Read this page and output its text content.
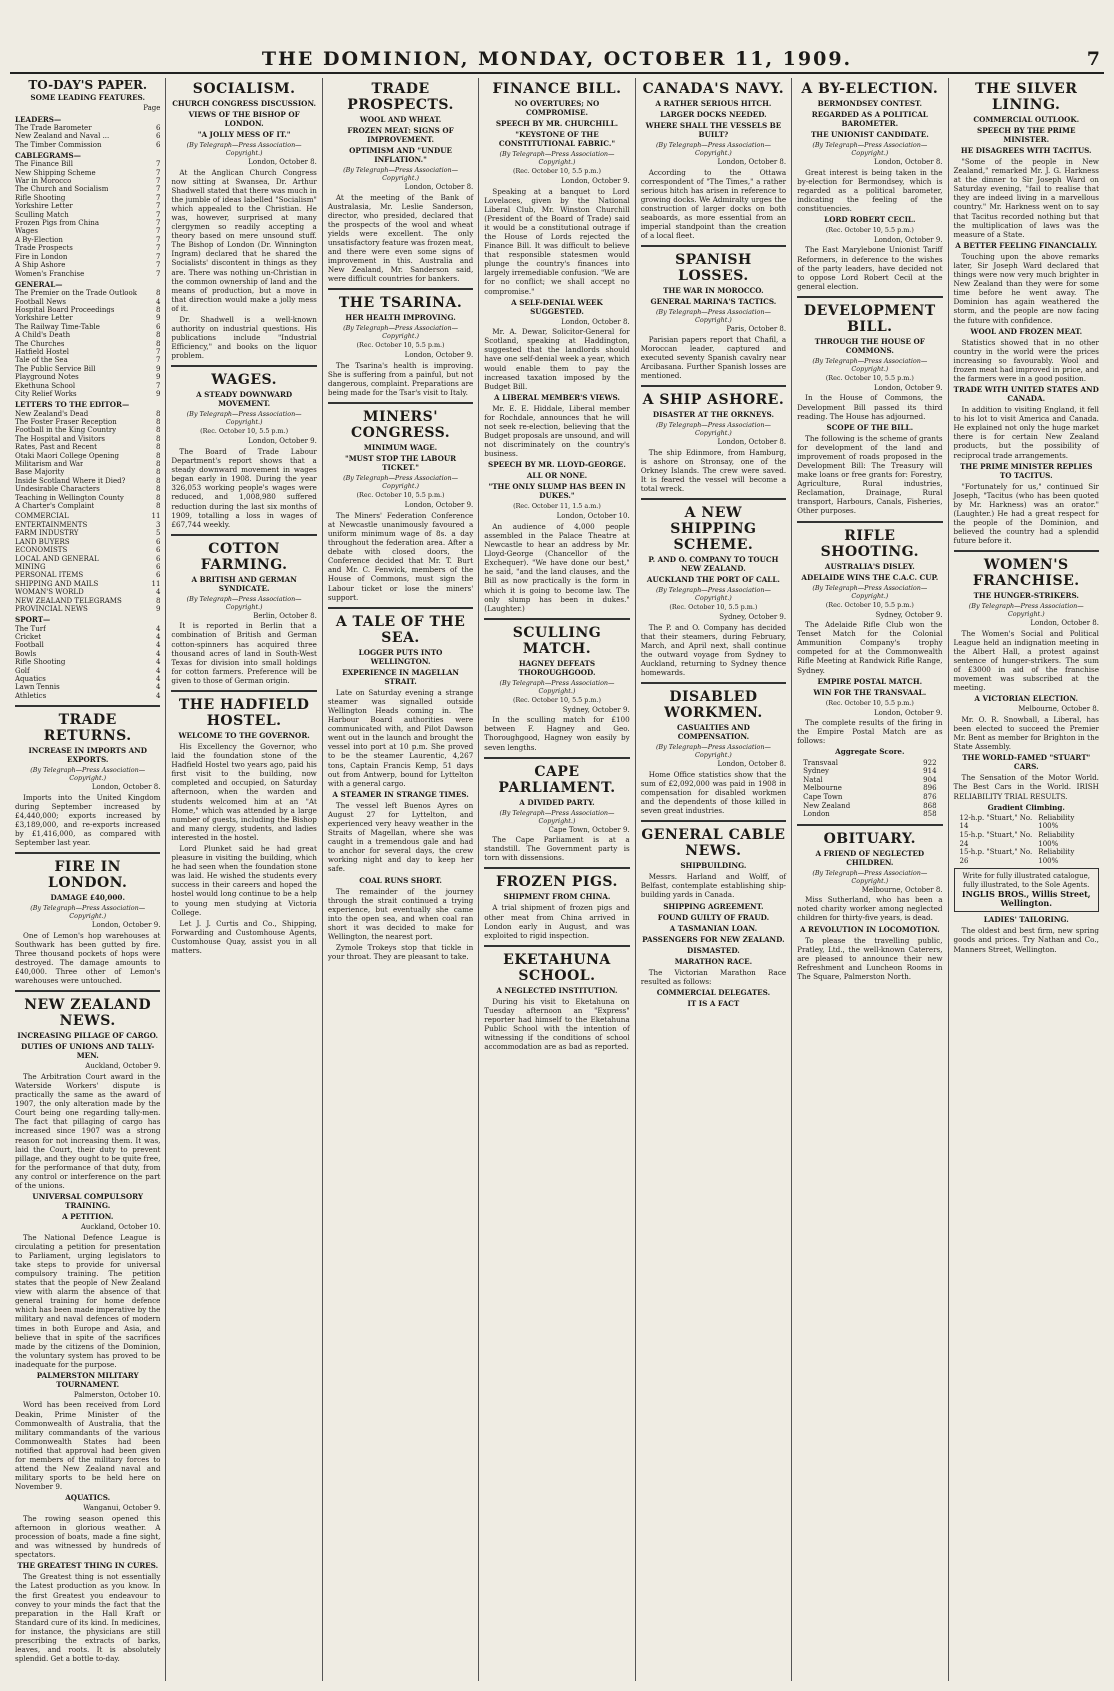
THE DOMINION, MONDAY, OCTOBER 11, 1909.	7
TO-DAY'S PAPER.
SOME LEADING FEATURES.
Page
LEADERS—
The Trade Barometer	6
New Zealand and Naval ...	6
The Timber Commission	6
CABLEGRAMS—
The Finance Bill	7
New Shipping Scheme	7
War in Morocco	7
The Church and Socialism	7
Rifle Shooting	7
Yorkshire Letter	7
Sculling Match	7
Frozen Pigs from China	7
Wages	7
A By-Election	7
Trade Prospects	7
Fire in London	7
A Ship Ashore	7
Women's Franchise	7
GENERAL—
The Premier on the Trade Outlook	8
Football News	4
Hospital Board Proceedings	8
Yorkshire Letter	9
The Railway Time-Table	6
A Child's Death	8
The Churches	8
Hatfield Hostel	7
Tale of the Sea	7
The Public Service Bill	9
Playground Notes	9
Ekethuna School	7
City Relief Works	9
LETTERS TO THE EDITOR—
New Zealand's Dead	8
The Foster Fraser Reception	8
Football in the King Country	8
The Hospital and Visitors	8
Rates, Past and Recent	8
Otaki Maori College Opening	8
Militarism and War	8
Base Majority	8
Inside Scotland Where it Died?	8
Undesirable Characters	8
Teaching in Wellington County	8
A Charter's Complaint	8
COMMERCIAL	11
ENTERTAINMENTS	3
FARM INDUSTRY	5
LAND BUYERS	6
ECONOMISTS	6
LOCAL AND GENERAL	6
MINING	6
PERSONAL ITEMS	6
SHIPPING AND MAILS	11
WOMAN'S WORLD	4
NEW ZEALAND TELEGRAMS	8
PROVINCIAL NEWS	9
SPORT—
The Turf	4
Cricket	4
Football	4
Bowls	4
Rifle Shooting	4
Golf	4
Aquatics	4
Lawn Tennis	4
Athletics	4
TRADE RETURNS.
INCREASE IN IMPORTS AND EXPORTS.
(By Telegraph—Press Association—Copyright.)
London, October 8.
Imports into the United Kingdom during September increased by £4,440,000; exports increased by £3,189,000, and re-exports increased by £1,416,000, as compared with September last year.
FIRE IN LONDON.
DAMAGE £40,000.
(By Telegraph—Press Association—Copyright.)
London, October 9.
One of Lemon's hop warehouses at Southwark has been gutted by fire. Three thousand pockets of hops were destroyed. The damage amounts to £40,000. Three other of Lemon's warehouses were untouched.
NEW ZEALAND NEWS.
INCREASING PILLAGE OF CARGO.
DUTIES OF UNIONS AND TALLY-MEN.
Auckland, October 9.
The Arbitration Court award in the Waterside Workers' dispute is practically the same as the award of 1907, the only alteration made by the Court being one regarding tally-men. The fact that pillaging of cargo has increased since 1907 was a strong reason for not increasing them. It was, laid the Court, their duty to prevent pillage, and they ought to be quite free, for the performance of that duty, from any control or interference on the part of the unions.
UNIVERSAL COMPULSORY TRAINING.
A PETITION.
Auckland, October 10.
The National Defence League is circulating a petition for presentation to Parliament, urging legislators to take steps to provide for universal compulsory training. The petition states that the people of New Zealand view with alarm the absence of that general training for home defence which has been made imperative by the military and naval defences of modern times in both Europe and Asia, and believe that in spite of the sacrifices made by the citizens of the Dominion, the voluntary system has proved to be inadequate for the purpose.
PALMERSTON MILITARY TOURNAMENT.
Palmerston, October 10.
Word has been received from Lord Deakin, Prime Minister of the Commonwealth of Australia, that the military commandants of the various Commonwealth States had been notified that approval had been given for members of the military forces to attend the New Zealand naval and military sports to be held here on November 9.
AQUATICS.
Wanganui, October 9.
The rowing season opened this afternoon in glorious weather. A procession of boats, made a fine sight, and was witnessed by hundreds of spectators.
THE GREATEST THING IN CURES.
The Greatest thing is not essentially the Latest production as you know. In the first Greatest you endeavour to convey to your minds the fact that the preparation in the Hall Kraft or Standard cure of its kind. In medicines, for instance, the physicians are still prescribing the extracts of barks, leaves, and roots. It is absolutely splendid. Get a bottle to-day.
SOCIALISM.
CHURCH CONGRESS DISCUSSION.
VIEWS OF THE BISHOP OF LONDON.
"A JOLLY MESS OF IT."
(By Telegraph—Press Association—Copyright.)
London, October 8.
At the Anglican Church Congress now sitting at Swansea, Dr. Arthur Shadwell stated that there was much in the jumble of ideas labelled "Socialism" which appealed to the Christian. He was, however, surprised at many clergymen so readily accepting a theory based on mere unsound stuff. The Bishop of London (Dr. Winnington Ingram) declared that he shared the Socialists' discontent in things as they are. There was nothing un-Christian in the common ownership of land and the means of production, but a move in that direction would make a jolly mess of it.
Dr. Shadwell is a well-known authority on industrial questions. His publications include "Industrial Efficiency," and books on the liquor problem.
WAGES.
A STEADY DOWNWARD MOVEMENT.
(By Telegraph—Press Association—Copyright.)
(Rec. October 10, 5.5 p.m.)
London, October 9.
The Board of Trade Labour Department's report shows that a steady downward movement in wages began early in 1908. During the year 326,053 working people's wages were reduced, and 1,008,980 suffered reduction during the last six months of 1909, totalling a loss in wages of £67,744 weekly.
COTTON FARMING.
A BRITISH AND GERMAN SYNDICATE.
(By Telegraph—Press Association—Copyright.)
Berlin, October 8.
It is reported in Berlin that a combination of British and German cotton-spinners has acquired three thousand acres of land in South-West Texas for division into small holdings for cotton farmers. Preference will be given to those of German origin.
THE HADFIELD HOSTEL.
WELCOME TO THE GOVERNOR.
His Excellency the Governor, who laid the foundation stone of the Hadfield Hostel two years ago, paid his first visit to the building, now completed and occupied, on Saturday afternoon, when the warden and students welcomed him at an "At Home," which was attended by a large number of guests, including the Bishop and many clergy, students, and ladies interested in the hostel.
Lord Plunket said he had great pleasure in visiting the building, which he had seen when the foundation stone was laid. He wished the students every success in their careers and hoped the hostel would long continue to be a help to young men studying at Victoria College.
Let J. J. Curtis and Co., Shipping, Forwarding and Customhouse Agents, Customhouse Quay, assist you in all matters.
TRADE PROSPECTS.
WOOL AND WHEAT.
FROZEN MEAT: SIGNS OF IMPROVEMENT.
OPTIMISM AND "UNDUE INFLATION."
(By Telegraph—Press Association—Copyright.)
London, October 8.
At the meeting of the Bank of Australasia, Mr. Leslie Sanderson, director, who presided, declared that the prospects of the wool and wheat yields were excellent. The only unsatisfactory feature was frozen meat, and there were even some signs of improvement in this. Australia and New Zealand, Mr. Sanderson said, were difficult countries for bankers.
THE TSARINA.
HER HEALTH IMPROVING.
(By Telegraph—Press Association—Copyright.)
(Rec. October 10, 5.5 p.m.)
London, October 9.
The Tsarina's health is improving. She is suffering from a painful, but not dangerous, complaint. Preparations are being made for the Tsar's visit to Italy.
MINERS' CONGRESS.
MINIMUM WAGE.
"MUST STOP THE LABOUR TICKET."
(By Telegraph—Press Association—Copyright.)
(Rec. October 10, 5.5 p.m.)
London, October 9.
The Miners' Federation Conference at Newcastle unanimously favoured a uniform minimum wage of 8s. a day throughout the federation area. After a debate with closed doors, the Conference decided that Mr. T. Burt and Mr. C. Fenwick, members of the House of Commons, must sign the Labour ticket or lose the miners' support.
A TALE OF THE SEA.
LOGGER PUTS INTO WELLINGTON.
EXPERIENCE IN MAGELLAN STRAIT.
Late on Saturday evening a strange steamer was signalled outside Wellington Heads coming in. The Harbour Board authorities were communicated with, and Pilot Dawson went out in the launch and brought the vessel into port at 10 p.m. She proved to be the steamer Laurentic, 4,267 tons, Captain Francis Kemp, 51 days out from Antwerp, bound for Lyttelton with a general cargo.
A STEAMER IN STRANGE TIMES.
The vessel left Buenos Ayres on August 27 for Lyttelton, and experienced very heavy weather in the Straits of Magellan, where she was caught in a tremendous gale and had to anchor for several days, the crew working night and day to keep her safe.
COAL RUNS SHORT.
The remainder of the journey through the strait continued a trying experience, but eventually she came into the open sea, and when coal ran short it was decided to make for Wellington, the nearest port.
Zymole Trokeys stop that tickle in your throat. They are pleasant to take.
FINANCE BILL.
NO OVERTURES; NO COMPROMISE.
SPEECH BY MR. CHURCHILL.
"KEYSTONE OF THE CONSTITUTIONAL FABRIC."
(By Telegraph—Press Association—Copyright.)
(Rec. October 10, 5.5 p.m.)
London, October 9.
Speaking at a banquet to Lord Lovelaces, given by the National Liberal Club, Mr. Winston Churchill (President of the Board of Trade) said it would be a constitutional outrage if the House of Lords rejected the Finance Bill. It was difficult to believe that responsible statesmen would plunge the country's finances into largely irremediable confusion. "We are for no conflict; we shall accept no compromise."
A SELF-DENIAL WEEK SUGGESTED.
London, October 8.
Mr. A. Dewar, Solicitor-General for Scotland, speaking at Haddington, suggested that the landlords should have one self-denial week a year, which would enable them to pay the increased taxation imposed by the Budget Bill.
A LIBERAL MEMBER'S VIEWS.
Mr. E. E. Hiddale, Liberal member for Rochdale, announces that he will not seek re-election, believing that the Budget proposals are unsound, and will not discriminately on the country's business.
SPEECH BY MR. LLOYD-GEORGE.
ALL OR NONE.
"THE ONLY SLUMP HAS BEEN IN DUKES."
(Rec. October 11, 1.5 a.m.)
London, October 10.
An audience of 4,000 people assembled in the Palace Theatre at Newcastle to hear an address by Mr. Lloyd-George (Chancellor of the Exchequer). "We have done our best," he said, "and the land clauses, and the Bill as now practically is the form in which it is going to become law. The only slump has been in dukes." (Laughter.)
SCULLING MATCH.
HAGNEY DEFEATS THOROUGHGOOD.
(By Telegraph—Press Association—Copyright.)
(Rec. October 10, 5.5 p.m.)
Sydney, October 9.
In the sculling match for £100 between F. Hagney and Geo. Thoroughgood, Hagney won easily by seven lengths.
CAPE PARLIAMENT.
A DIVIDED PARTY.
(By Telegraph—Press Association—Copyright.)
Cape Town, October 9.
The Cape Parliament is at a standstill. The Government party is torn with dissensions.
FROZEN PIGS.
SHIPMENT FROM CHINA.
A trial shipment of frozen pigs and other meat from China arrived in London early in August, and was exploited to rigid inspection.
EKETAHUNA SCHOOL.
A NEGLECTED INSTITUTION.
During his visit to Eketahuna on Tuesday afternoon an "Express" reporter had himself to the Eketahuna Public School with the intention of witnessing if the conditions of school accommodation are as bad as reported.
CANADA'S NAVY.
A RATHER SERIOUS HITCH.
LARGER DOCKS NEEDED.
WHERE SHALL THE VESSELS BE BUILT?
(By Telegraph—Press Association—Copyright.)
London, October 8.
According to the Ottawa correspondent of "The Times," a rather serious hitch has arisen in reference to growing docks. We Admiralty urges the construction of larger docks on both seaboards, as more essential from an imperial standpoint than the creation of a local fleet.
SPANISH LOSSES.
THE WAR IN MOROCCO.
GENERAL MARINA'S TACTICS.
(By Telegraph—Press Association—Copyright.)
Paris, October 8.
Parisian papers report that Chafil, a Moroccan leader, captured and executed seventy Spanish cavalry near Arcibasana. Further Spanish losses are mentioned.
A SHIP ASHORE.
DISASTER AT THE ORKNEYS.
(By Telegraph—Press Association—Copyright.)
London, October 8.
The ship Edinmore, from Hamburg, is ashore on Stronsay, one of the Orkney Islands. The crew were saved. It is feared the vessel will become a total wreck.
A NEW SHIPPING SCHEME.
P. AND O. COMPANY TO TOUCH NEW ZEALAND.
AUCKLAND THE PORT OF CALL.
(By Telegraph—Press Association—Copyright.)
(Rec. October 10, 5.5 p.m.)
Sydney, October 9.
The P. and O. Company has decided that their steamers, during February, March, and April next, shall continue the outward voyage from Sydney to Auckland, returning to Sydney thence homewards.
DISABLED WORKMEN.
CASUALTIES AND COMPENSATION.
(By Telegraph—Press Association—Copyright.)
London, October 8.
Home Office statistics show that the sum of £2,092,000 was paid in 1908 in compensation for disabled workmen and the dependents of those killed in seven great industries.
GENERAL CABLE NEWS.
SHIPBUILDING.
Messrs. Harland and Wolff, of Belfast, contemplate establishing ship-building yards in Canada.
SHIPPING AGREEMENT.
FOUND GUILTY OF FRAUD.
A TASMANIAN LOAN.
PASSENGERS FOR NEW ZEALAND.
DISMASTED.
MARATHON RACE.
The Victorian Marathon Race resulted as follows:
COMMERCIAL DELEGATES.
IT IS A FACT
A BY-ELECTION.
BERMONDSEY CONTEST.
REGARDED AS A POLITICAL BAROMETER.
THE UNIONIST CANDIDATE.
(By Telegraph—Press Association—Copyright.)
London, October 8.
Great interest is being taken in the by-election for Bermondsey, which is regarded as a political barometer, indicating the feeling of the constituencies.
LORD ROBERT CECIL.
(Rec. October 10, 5.5 p.m.)
London, October 9.
The East Marylebone Unionist Tariff Reformers, in deference to the wishes of the party leaders, have decided not to oppose Lord Robert Cecil at the general election.
DEVELOPMENT BILL.
THROUGH THE HOUSE OF COMMONS.
(By Telegraph—Press Association—Copyright.)
(Rec. October 10, 5.5 p.m.)
London, October 9.
In the House of Commons, the Development Bill passed its third reading. The House has adjourned.
SCOPE OF THE BILL.
The following is the scheme of grants for development of the land and improvement of roads proposed in the Development Bill: The Treasury will make loans or free grants for: Forestry, Agriculture, Rural industries, Reclamation, Drainage, Rural transport, Harbours, Canals, Fisheries, Other purposes.
RIFLE SHOOTING.
AUSTRALIA'S DISLEY.
ADELAIDE WINS THE C.A.C. CUP.
(By Telegraph—Press Association—Copyright.)
(Rec. October 10, 5.5 p.m.)
Sydney, October 9.
The Adelaide Rifle Club won the Tenset Match for the Colonial Ammunition Company's trophy competed for at the Commonwealth Rifle Meeting at Randwick Rifle Range, Sydney.
EMPIRE POSTAL MATCH.
WIN FOR THE TRANSVAAL.
(Rec. October 10, 5.5 p.m.)
London, October 9.
The complete results of the firing in the Empire Postal Match are as follows:
Aggregate Score.
Transvaal	922
Sydney	914
Natal	904
Melbourne	896
Cape Town	876
New Zealand	868
London	858
OBITUARY.
A FRIEND OF NEGLECTED CHILDREN.
(By Telegraph—Press Association—Copyright.)
Melbourne, October 8.
Miss Sutherland, who has been a noted charity worker among neglected children for thirty-five years, is dead.
A REVOLUTION IN LOCOMOTION.
To please the travelling public, Pratley, Ltd., the well-known Caterers, are pleased to announce their new Refreshment and Luncheon Rooms in The Square, Palmerston North.
THE SILVER LINING.
COMMERCIAL OUTLOOK.
SPEECH BY THE PRIME MINISTER.
HE DISAGREES WITH TACITUS.
"Some of the people in New Zealand," remarked Mr. J. G. Harkness at the dinner to Sir Joseph Ward on Saturday evening, "fail to realise that they are indeed living in a marvellous country." Mr. Harkness went on to say that Tacitus recorded nothing but that the multiplication of laws was the measure of a State.
A BETTER FEELING FINANCIALLY.
Touching upon the above remarks later, Sir Joseph Ward declared that things were now very much brighter in New Zealand than they were for some time before he went away. The Dominion has again weathered the storm, and the people are now facing the future with confidence.
WOOL AND FROZEN MEAT.
Statistics showed that in no other country in the world were the prices increasing so favourably. Wool and frozen meat had improved in price, and the farmers were in a good position.
TRADE WITH UNITED STATES AND CANADA.
In addition to visiting England, it fell to his lot to visit America and Canada. He explained not only the huge market there is for certain New Zealand products, but the possibility of reciprocal trade arrangements.
THE PRIME MINISTER REPLIES TO TACITUS.
"Fortunately for us," continued Sir Joseph, "Tacitus (who has been quoted by Mr. Harkness) was an orator." (Laughter.) He had a great respect for the people of the Dominion, and believed the country had a splendid future before it.
WOMEN'S FRANCHISE.
THE HUNGER-STRIKERS.
(By Telegraph—Press Association—Copyright.)
London, October 8.
The Women's Social and Political League held an indignation meeting in the Albert Hall, a protest against sentence of hunger-strikers. The sum of £3000 in aid of the franchise movement was subscribed at the meeting.
A VICTORIAN ELECTION.
Melbourne, October 8.
Mr. O. R. Snowball, a Liberal, has been elected to succeed the Premier Mr. Bent as member for Brighton in the State Assembly.
THE WORLD-FAMED "STUART" CARS.
The Sensation of the Motor World. The Best Cars in the World. IRISH RELIABILITY TRIAL RESULTS.
Gradient Climbing.
12-h.p. "Stuart," No. 14
Reliability 100%
15-h.p. "Stuart," No. 24
Reliability 100%
15-h.p. "Stuart," No. 26
Reliability 100%
Write for fully illustrated catalogue, fully illustrated, to the Sole Agents.
INGLIS BROS., Willis Street, Wellington.
LADIES' TAILORING.
The oldest and best firm, new spring goods and prices. Try Nathan and Co., Manners Street, Wellington.
